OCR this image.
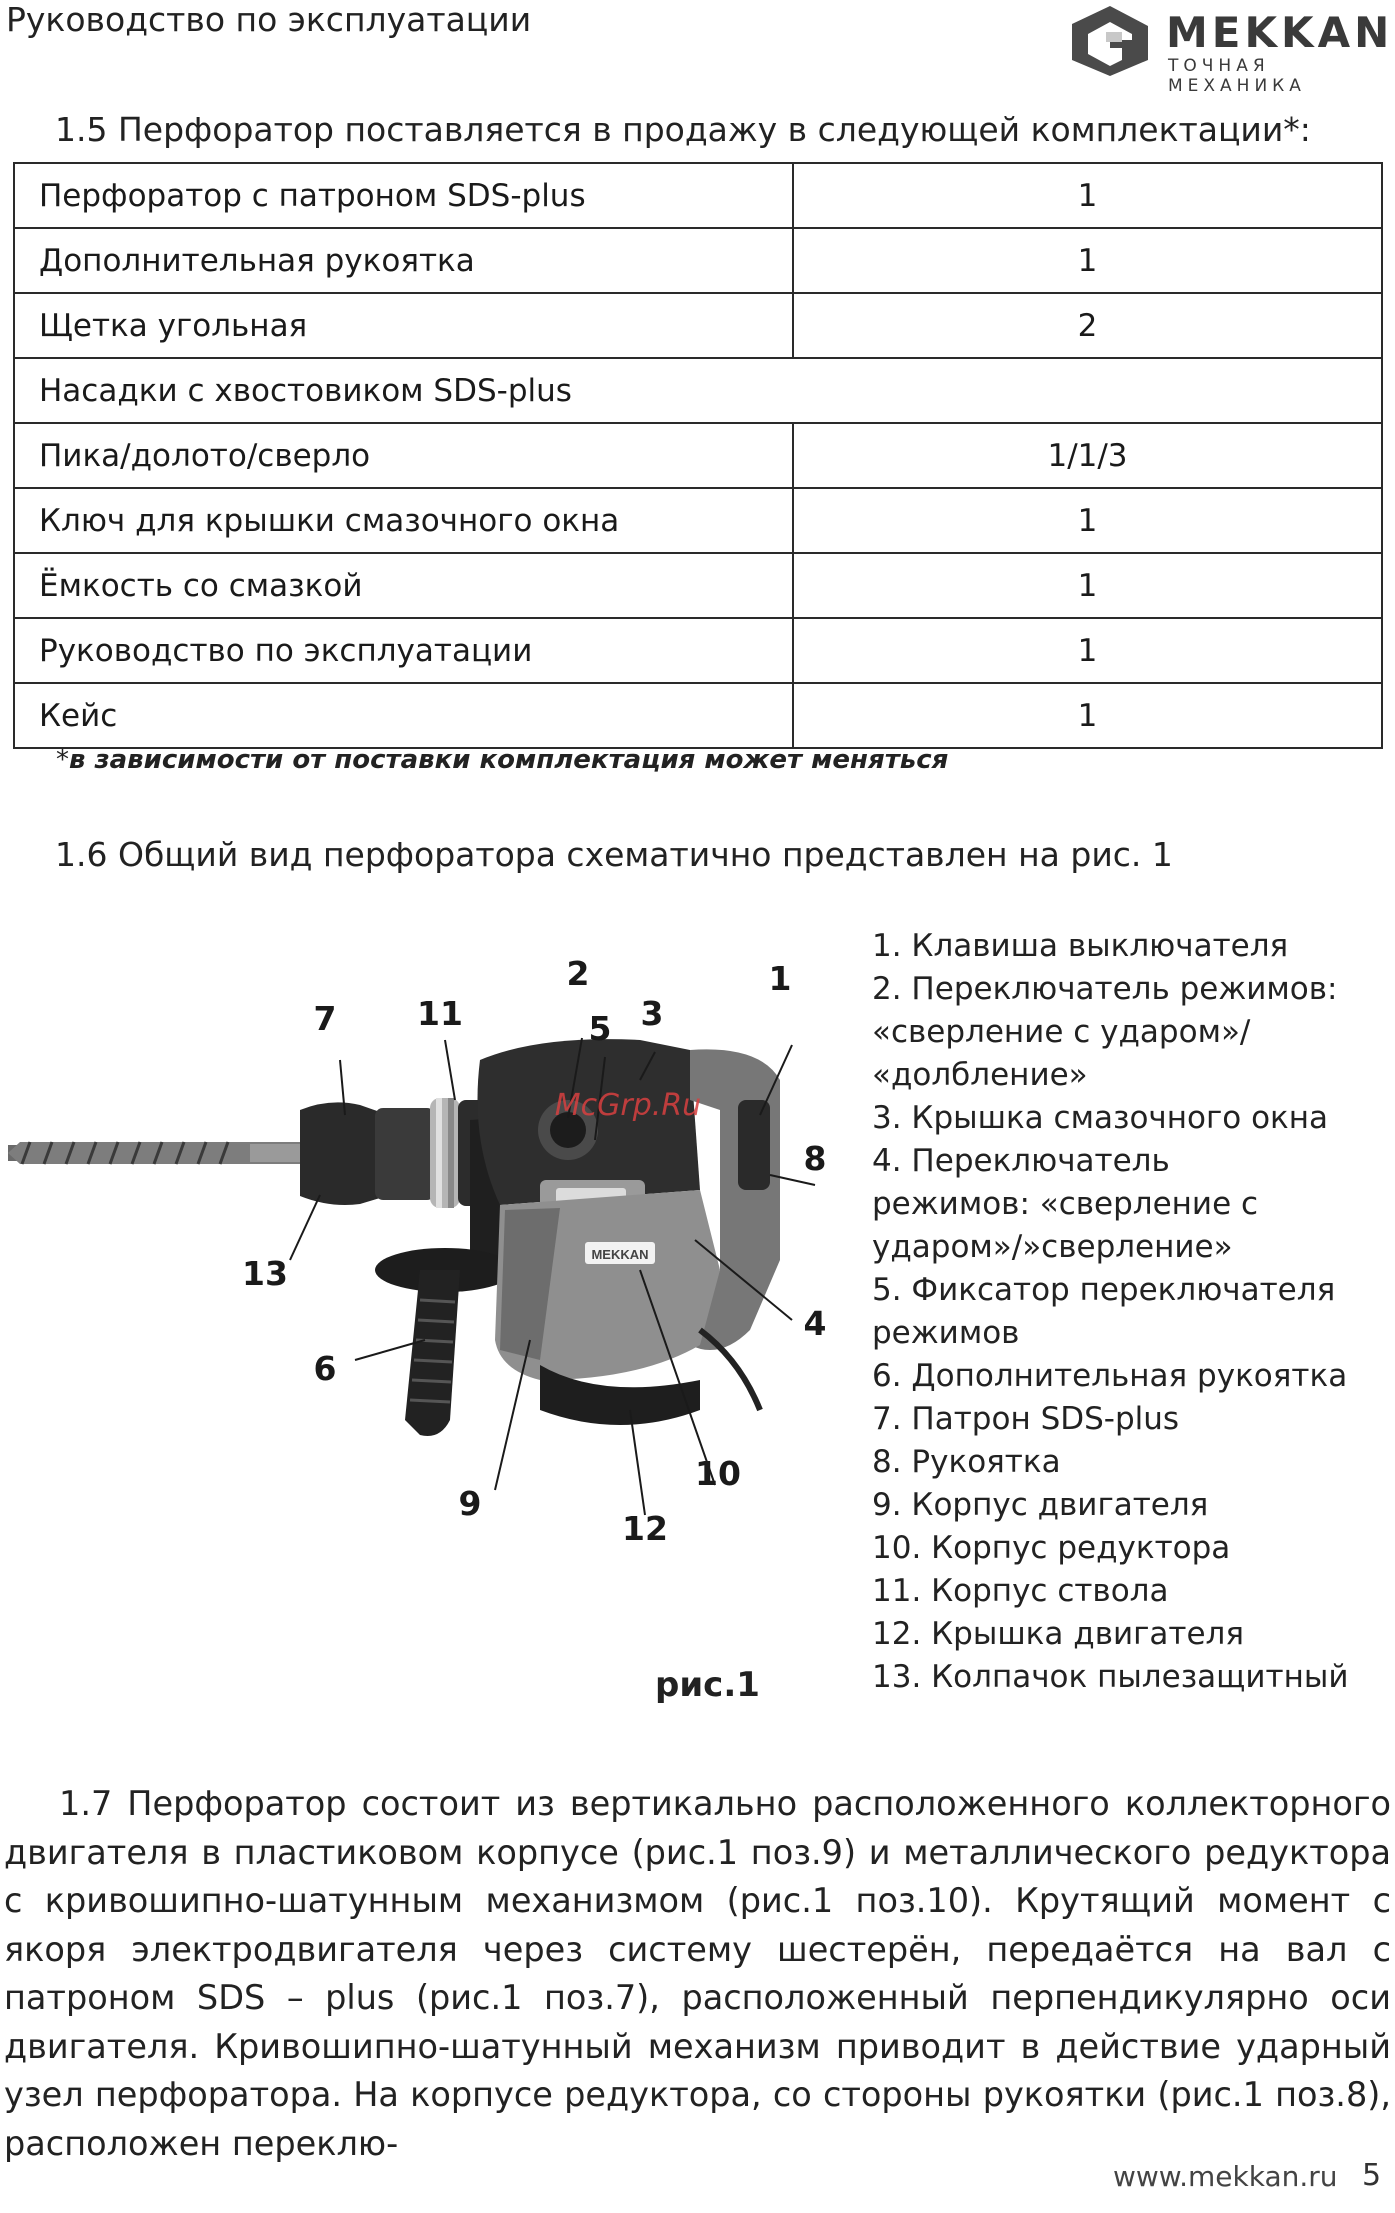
Руководство по эксплуатации	MEKKAN
ТОЧНАЯ МЕХАНИКА
1.5 Перфоратор поставляется в продажу в следующей комплектации*:
Перфоратор с патроном SDS-plus	1
Дополнительная рукоятка	1
Щетка угольная	2
Насадки с хвостовиком SDS-plus	
Пика/долото/сверло	1/1/3
Ключ для крышки смазочного окна	1
Ёмкость со смазкой	1
Руководство по эксплуатации	1
Кейс	1
*в зависимости от поставки комплектация может меняться
1.6 Общий вид перфоратора схематично представлен на рис. 1
MEKKAN
McGrp.Ru
1
2
3
4
5
6
7
8
9
10
11
12
13
рис.1
1. Клавиша выключателя
2. Переключатель режимов:
«сверление с ударом»/
«долбление»
3. Крышка смазочного окна
4. Переключатель
режимов: «сверление с
ударом»/»сверление»
5. Фиксатор переключателя
режимов
6. Дополнительная рукоятка
7. Патрон SDS-plus
8. Рукоятка
9. Корпус двигателя
10. Корпус редуктора
11. Корпус ствола
12. Крышка двигателя
13. Колпачок пылезащитный

1.7 Перфоратор состоит из вертикально расположенного коллекторного двигателя в пластиковом корпусе (рис.1 поз.9) и металлического редуктора с кривошипно-шатунным механизмом (рис.1 поз.10). Крутящий момент с якоря электродвигателя через систему шестерён, передаётся на вал с патроном SDS – plus (рис.1 поз.7), расположенный перпендикулярно оси двигателя. Кривошипно-шатунный механизм приводит в действие ударный узел перфоратора. На корпусе редуктора, со стороны рукоятки (рис.1 поз.8), расположен переклю-

www.mekkan.ru 5
